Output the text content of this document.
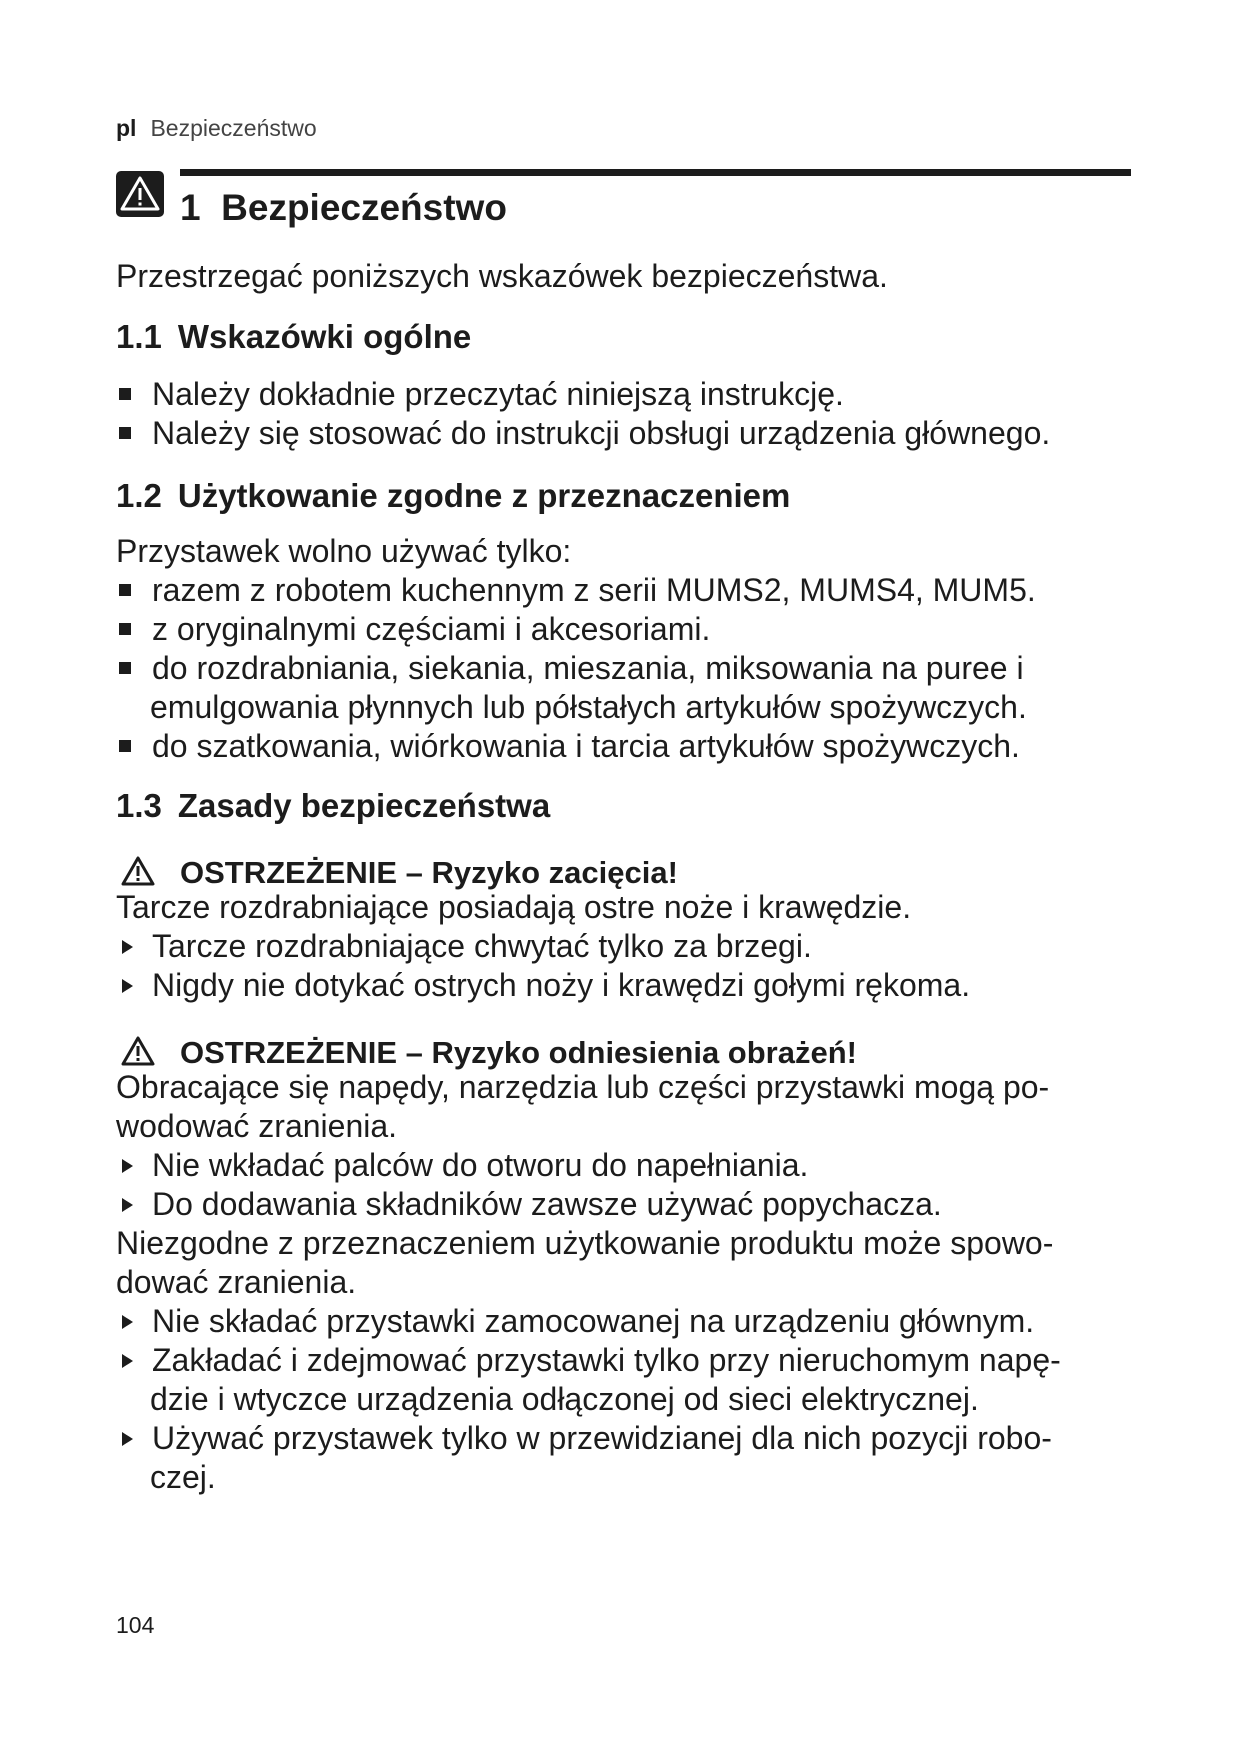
pl Bezpieczeństwo
1 Bezpieczeństwo
Przestrzegać poniższych wskazówek bezpieczeństwa.
1.1 Wskazówki ogólne
Należy dokładnie przeczytać niniejszą instrukcję.
Należy się stosować do instrukcji obsługi urządzenia głównego.
1.2 Użytkowanie zgodne z przeznaczeniem
Przystawek wolno używać tylko:
razem z robotem kuchennym z serii MUMS2, MUMS4, MUM5.
z oryginalnymi częściami i akcesoriami.
do rozdrabniania, siekania, mieszania, miksowania na puree i
emulgowania płynnych lub półstałych artykułów spożywczych.
do szatkowania, wiórkowania i tarcia artykułów spożywczych.
1.3 Zasady bezpieczeństwa
OSTRZEŻENIE – Ryzyko zacięcia!
Tarcze rozdrabniające posiadają ostre noże i krawędzie.
Tarcze rozdrabniające chwytać tylko za brzegi.
Nigdy nie dotykać ostrych noży i krawędzi gołymi rękoma.
OSTRZEŻENIE – Ryzyko odniesienia obrażeń!
Obracające się napędy, narzędzia lub części przystawki mogą po-
wodować zranienia.
Nie wkładać palców do otworu do napełniania.
Do dodawania składników zawsze używać popychacza.
Niezgodne z przeznaczeniem użytkowanie produktu może spowo-
dować zranienia.
Nie składać przystawki zamocowanej na urządzeniu głównym.
Zakładać i zdejmować przystawki tylko przy nieruchomym napę-
dzie i wtyczce urządzenia odłączonej od sieci elektrycznej.
Używać przystawek tylko w przewidzianej dla nich pozycji robo-
czej.
104
